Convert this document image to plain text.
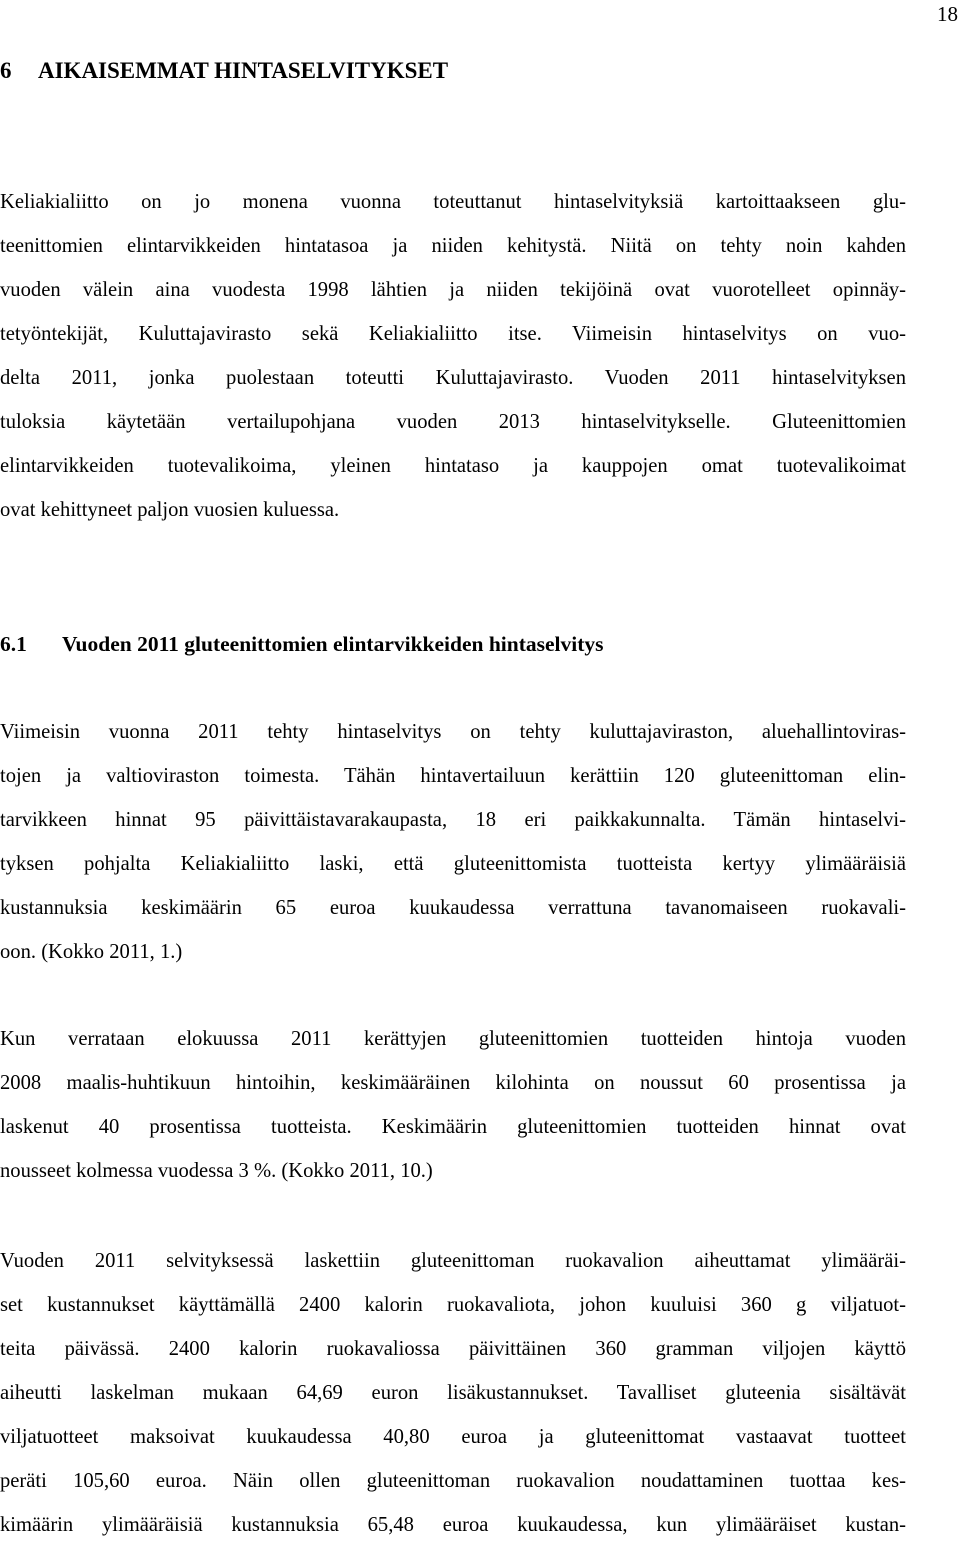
18
6 AIKAISEMMAT HINTASELVITYKSET
Keliakialiitto on jo monena vuonna toteuttanut hintaselvityksiä kartoittaakseen glu-
teenittomien elintarvikkeiden hintatasoa ja niiden kehitystä. Niitä on tehty noin kahden
vuoden välein aina vuodesta 1998 lähtien ja niiden tekijöinä ovat vuorotelleet opinnäy-
tetyöntekijät, Kuluttajavirasto sekä Keliakialiitto itse. Viimeisin hintaselvitys on vuo-
delta 2011, jonka puolestaan toteutti Kuluttajavirasto. Vuoden 2011 hintaselvityksen
tuloksia käytetään vertailupohjana vuoden 2013 hintaselvitykselle. Gluteenittomien
elintarvikkeiden tuotevalikoima, yleinen hintataso ja kauppojen omat tuotevalikoimat
ovat kehittyneet paljon vuosien kuluessa.
6.1 Vuoden 2011 gluteenittomien elintarvikkeiden hintaselvitys
Viimeisin vuonna 2011 tehty hintaselvitys on tehty kuluttajaviraston, aluehallintoviras-
tojen ja valtioviraston toimesta. Tähän hintavertailuun kerättiin 120 gluteenittoman elin-
tarvikkeen hinnat 95 päivittäistavarakaupasta, 18 eri paikkakunnalta. Tämän hintaselvi-
tyksen pohjalta Keliakialiitto laski, että gluteenittomista tuotteista kertyy ylimääräisiä
kustannuksia keskimäärin 65 euroa kuukaudessa verrattuna tavanomaiseen ruokavali-
oon. (Kokko 2011, 1.)
Kun verrataan elokuussa 2011 kerättyjen gluteenittomien tuotteiden hintoja vuoden
2008 maalis-huhtikuun hintoihin, keskimääräinen kilohinta on noussut 60 prosentissa ja
laskenut 40 prosentissa tuotteista. Keskimäärin gluteenittomien tuotteiden hinnat ovat
nousseet kolmessa vuodessa 3 %. (Kokko 2011, 10.)
Vuoden 2011 selvityksessä laskettiin gluteenittoman ruokavalion aiheuttamat ylimääräi-
set kustannukset käyttämällä 2400 kalorin ruokavaliota, johon kuuluisi 360 g viljatuot-
teita päivässä. 2400 kalorin ruokavaliossa päivittäinen 360 gramman viljojen käyttö
aiheutti laskelman mukaan 64,69 euron lisäkustannukset. Tavalliset gluteenia sisältävät
viljatuotteet maksoivat kuukaudessa 40,80 euroa ja gluteenittomat vastaavat tuotteet
peräti 105,60 euroa. Näin ollen gluteenittoman ruokavalion noudattaminen tuottaa kes-
kimäärin ylimääräisiä kustannuksia 65,48 euroa kuukaudessa, kun ylimääräiset kustan-
